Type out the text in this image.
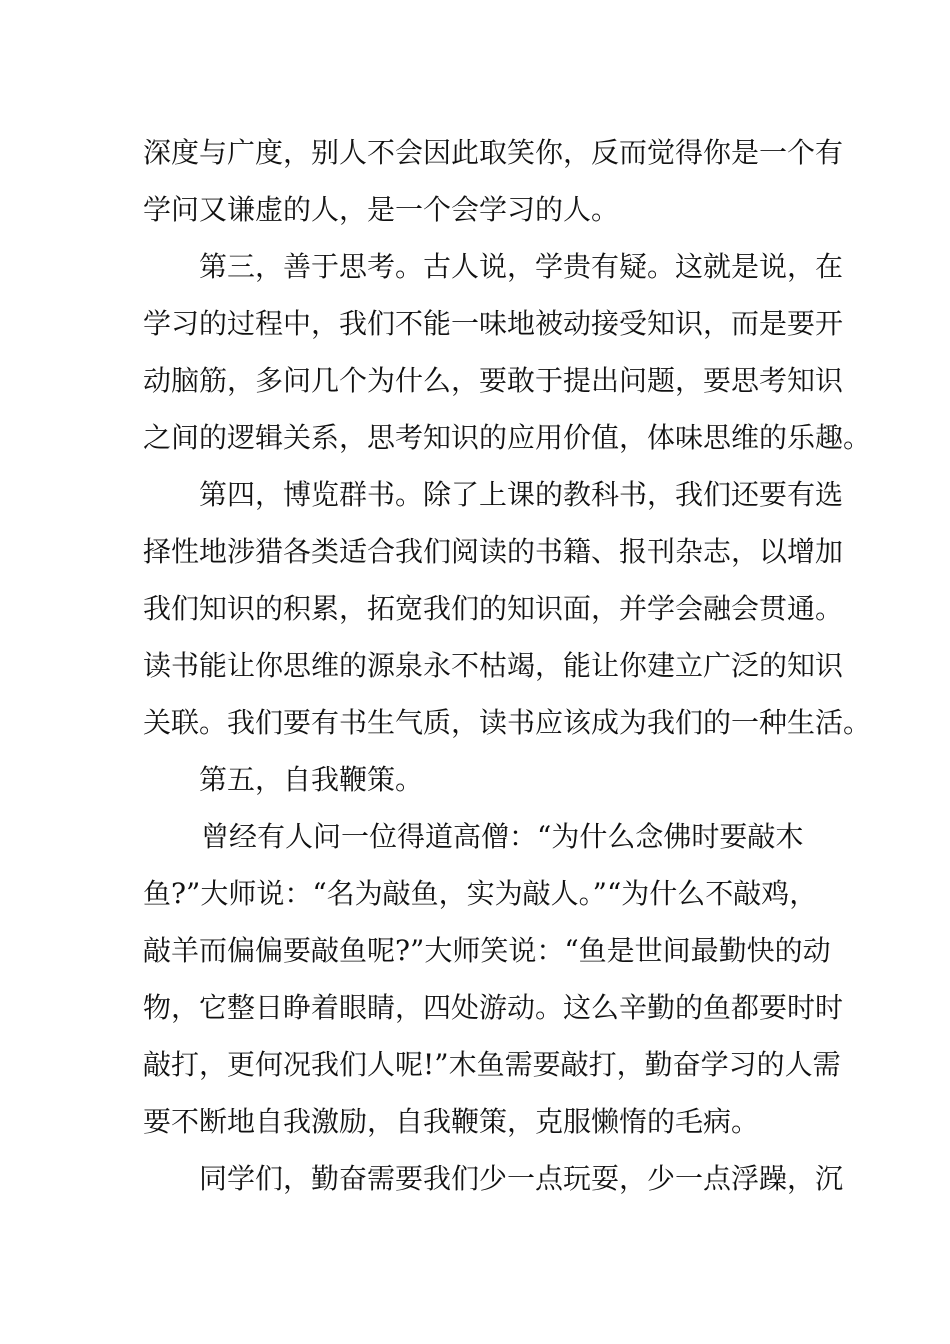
深度与广度，别人不会因此取笑你，反而觉得你是一个有
学问又谦虚的人，是一个会学习的人。
第三，善于思考。古人说，学贵有疑。这就是说，在
学习的过程中，我们不能一味地被动接受知识，而是要开
动脑筋，多问几个为什么，要敢于提出问题，要思考知识
之间的逻辑关系，思考知识的应用价值，体味思维的乐趣。
第四，博览群书。除了上课的教科书，我们还要有选
择性地涉猎各类适合我们阅读的书籍、报刊杂志，以增加
我们知识的积累，拓宽我们的知识面，并学会融会贯通。
读书能让你思维的源泉永不枯竭，能让你建立广泛的知识
关联。我们要有书生气质，读书应该成为我们的一种生活。
第五，自我鞭策。
曾经有人问一位得道高僧：“为什么念佛时要敲木
鱼?”大师说：“名为敲鱼，实为敲人。”“为什么不敲鸡，
敲羊而偏偏要敲鱼呢?”大师笑说：“鱼是世间最勤快的动
物，它整日睁着眼睛，四处游动。这么辛勤的鱼都要时时
敲打，更何况我们人呢!”木鱼需要敲打，勤奋学习的人需
要不断地自我激励，自我鞭策，克服懒惰的毛病。
同学们，勤奋需要我们少一点玩耍，少一点浮躁，沉
